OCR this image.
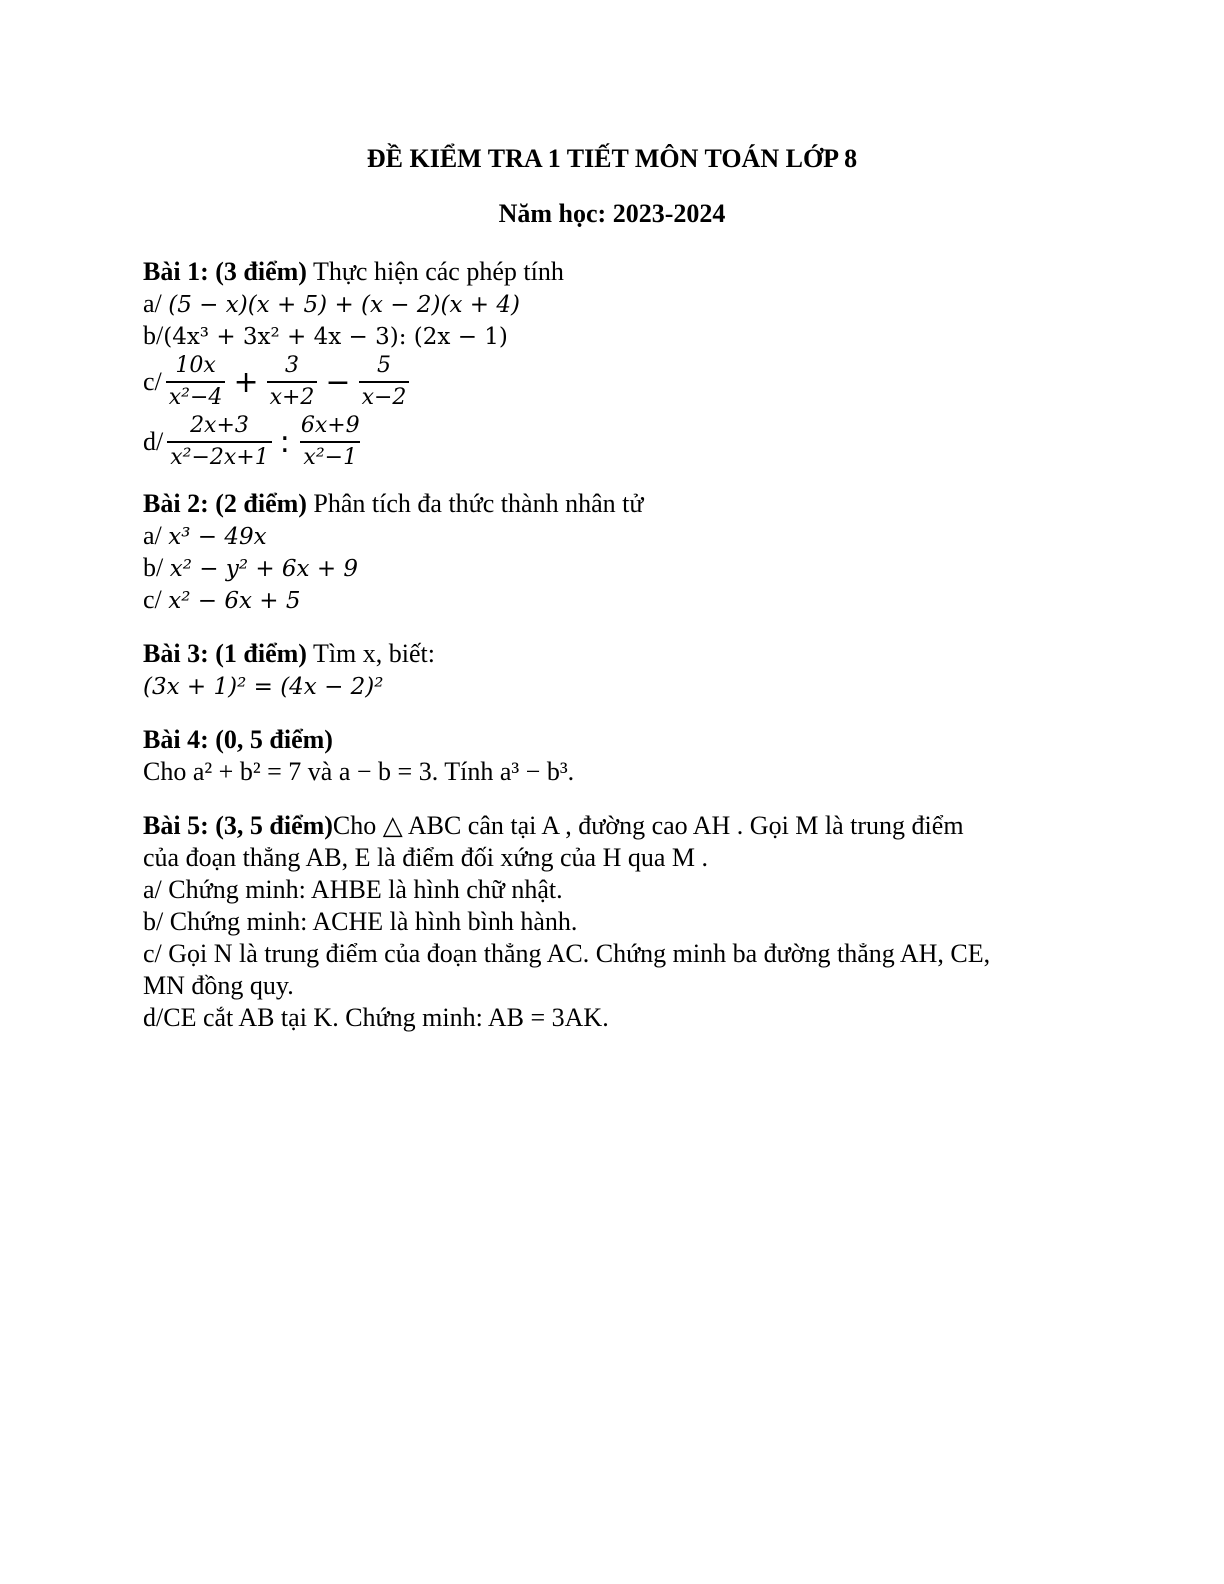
ĐỀ KIỂM TRA 1 TIẾT MÔN TOÁN LỚP 8
Năm học: 2023-2024
Bài 1: (3 điểm) Thực hiện các phép tính
a/ (5 − x)(x + 5) + (x − 2)(x + 4)
b/(4x³ + 3x² + 4x − 3): (2x − 1)
$c/ \frac{10x}{\text{x²−4}} + \frac{3}{x+2} - \frac{5}{x-2}$
$d/ \frac{2x+3}{\text{x²−2x+1}}$ : $\frac{6x+9}{\text{x²−1}}$
Bài 2: (2 điểm) Phân tích đa thức thành nhân tử
a/ x³ − 49x
b/ x² − y² + 6x + 9
c/ x² − 6x + 5
Bài 3: (1 điểm) Tìm x, biết:
(3x + 1)² = (4x − 2)²
Bài 4: (0, 5 điểm)
Cho a² + b² = 7 và a − b = 3. Tính a³ − b³.
Bài 5: (3, 5 điểm)Cho △ ABC cân tại A , đường cao AH . Gọi M là trung điểm
của đoạn thẳng AB, E là điểm đối xứng của H qua M .
a/ Chứng minh: AHBE là hình chữ nhật.
b/ Chứng minh: ACHE là hình bình hành.
c/ Gọi N là trung điểm của đoạn thẳng AC. Chứng minh ba đường thẳng AH, CE,
MN đồng quy.
d/CE cắt AB tại K. Chứng minh: AB = 3AK.
